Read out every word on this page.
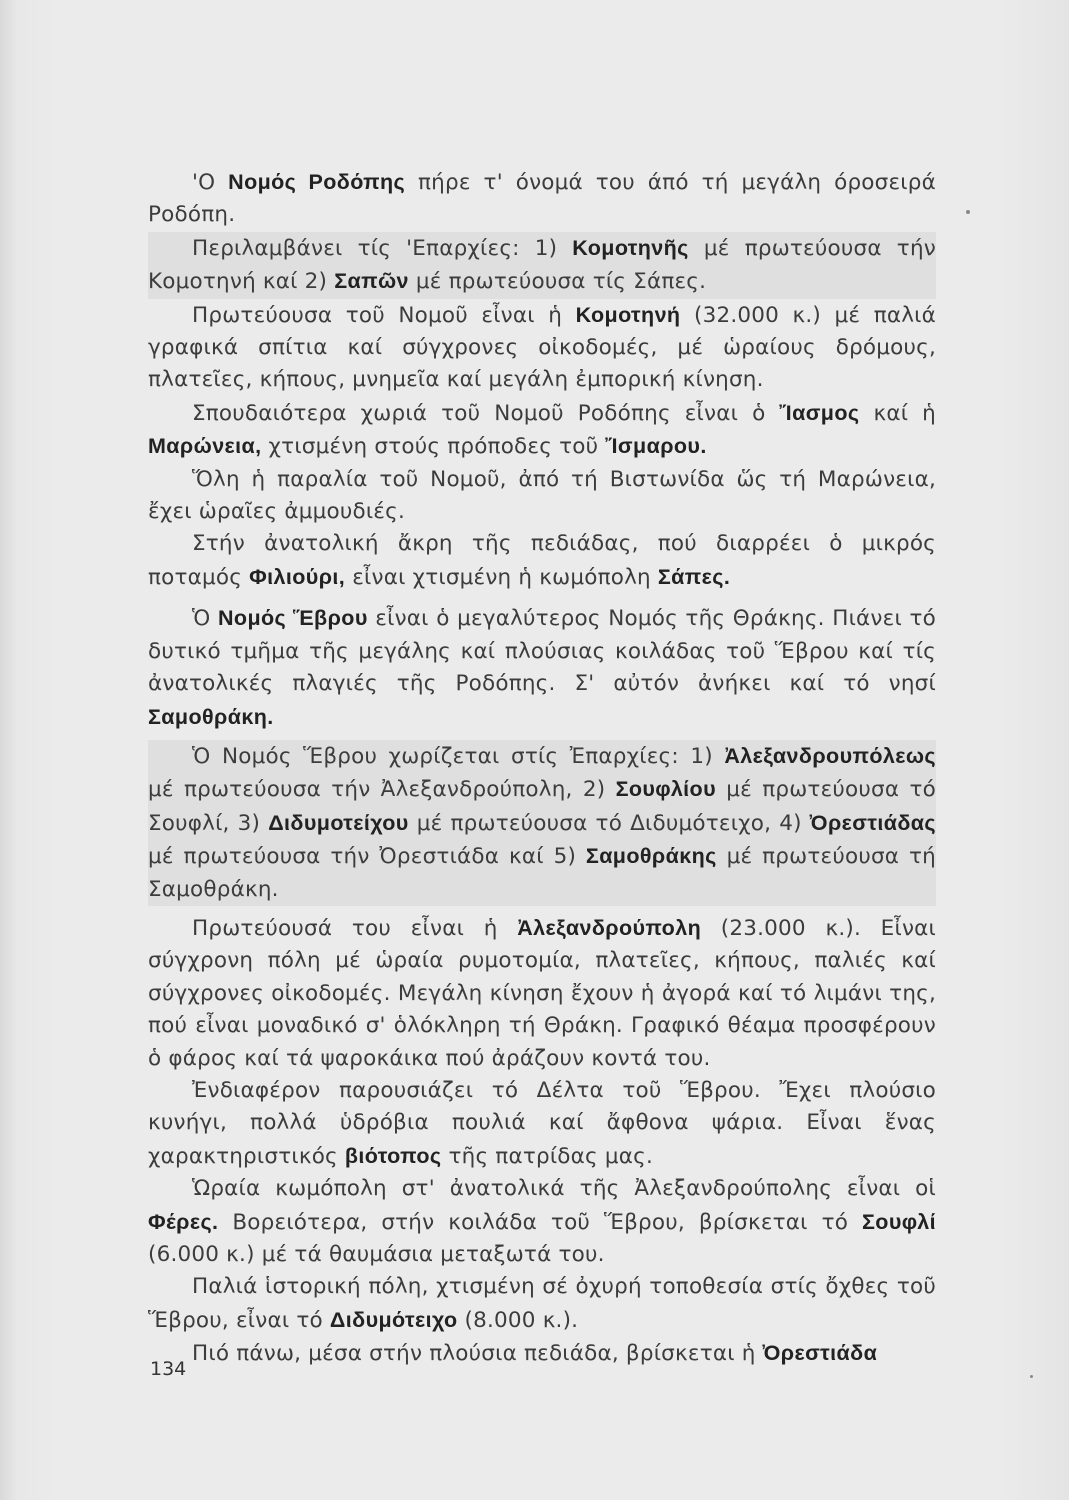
'Ο Νομός Ροδόπης πήρε τ' όνομά του άπό τή μεγάλη όροσειρά Ροδόπη.

Περιλαμβάνει τίς 'Επαρχίες: 1) Κομοτηνῆς μέ πρωτεύουσα τήν Κομοτηνή καί 2) Σαπῶν μέ πρωτεύουσα τίς Σάπες.

Πρωτεύουσα τοῦ Νομοῦ εἶναι ἡ Κομοτηνή (32.000 κ.) μέ παλιά γραφικά σπίτια καί σύγχρονες οἰκοδομές, μέ ὡραίους δρόμους, πλατεῖες, κήπους, μνημεῖα καί μεγάλη ἐμπορική κίνηση.

Σπουδαιότερα χωριά τοῦ Νομοῦ Ροδόπης εἶναι ὁ Ἴασμος καί ἡ Μαρώνεια, χτισμένη στούς πρόποδες τοῦ Ἴσμαρου.

Ὅλη ἡ παραλία τοῦ Νομοῦ, ἀπό τή Βιστωνίδα ὥς τή Μαρώνεια, ἔχει ὡραῖες ἀμμουδιές.

Στήν ἀνατολική ἄκρη τῆς πεδιάδας, πού διαρρέει ὁ μικρός ποταμός Φιλιούρι, εἶναι χτισμένη ἡ κωμόπολη Σάπες.

Ὁ Νομός Ἕβρου εἶναι ὁ μεγαλύτερος Νομός τῆς Θράκης. Πιάνει τό δυτικό τμῆμα τῆς μεγάλης καί πλούσιας κοιλάδας τοῦ Ἕβρου καί τίς ἀνατολικές πλαγιές τῆς Ροδόπης. Σ' αὐτόν ἀνήκει καί τό νησί Σαμοθράκη.

Ὁ Νομός Ἕβρου χωρίζεται στίς Ἐπαρχίες: 1) Ἀλεξανδρουπόλεως μέ πρωτεύουσα τήν Ἀλεξανδρούπολη, 2) Σουφλίου μέ πρωτεύουσα τό Σουφλί, 3) Διδυμοτείχου μέ πρωτεύουσα τό Διδυμότειχο, 4) Ὀρεστιάδας μέ πρωτεύουσα τήν Ὀρεστιάδα καί 5) Σαμοθράκης μέ πρωτεύουσα τή Σαμοθράκη.

Πρωτεύουσά του εἶναι ἡ Ἀλεξανδρούπολη (23.000 κ.). Εἶναι σύγχρονη πόλη μέ ὡραία ρυμοτομία, πλατεῖες, κήπους, παλιές καί σύγχρονες οἰκοδομές. Μεγάλη κίνηση ἔχουν ἡ ἀγορά καί τό λιμάνι της, πού εἶναι μοναδικό σ' ὁλόκληρη τή Θράκη. Γραφικό θέαμα προσφέρουν ὁ φάρος καί τά ψαροκάικα πού ἀράζουν κοντά του.

Ἐνδιαφέρον παρουσιάζει τό Δέλτα τοῦ Ἕβρου. Ἔχει πλούσιο κυνήγι, πολλά ὑδρόβια πουλιά καί ἄφθονα ψάρια. Εἶναι ἕνας χαρακτηριστικός βιότοπος τῆς πατρίδας μας.

Ὡραία κωμόπολη στ' ἀνατολικά τῆς Ἀλεξανδρούπολης εἶναι οἱ Φέρες. Βορειότερα, στήν κοιλάδα τοῦ Ἕβρου, βρίσκεται τό Σουφλί (6.000 κ.) μέ τά θαυμάσια μεταξωτά του.

Παλιά ἱστορική πόλη, χτισμένη σέ ὀχυρή τοποθεσία στίς ὄχθες τοῦ Ἕβρου, εἶναι τό Διδυμότειχο (8.000 κ.).

Πιό πάνω, μέσα στήν πλούσια πεδιάδα, βρίσκεται ἡ Ὀρεστιάδα

134
